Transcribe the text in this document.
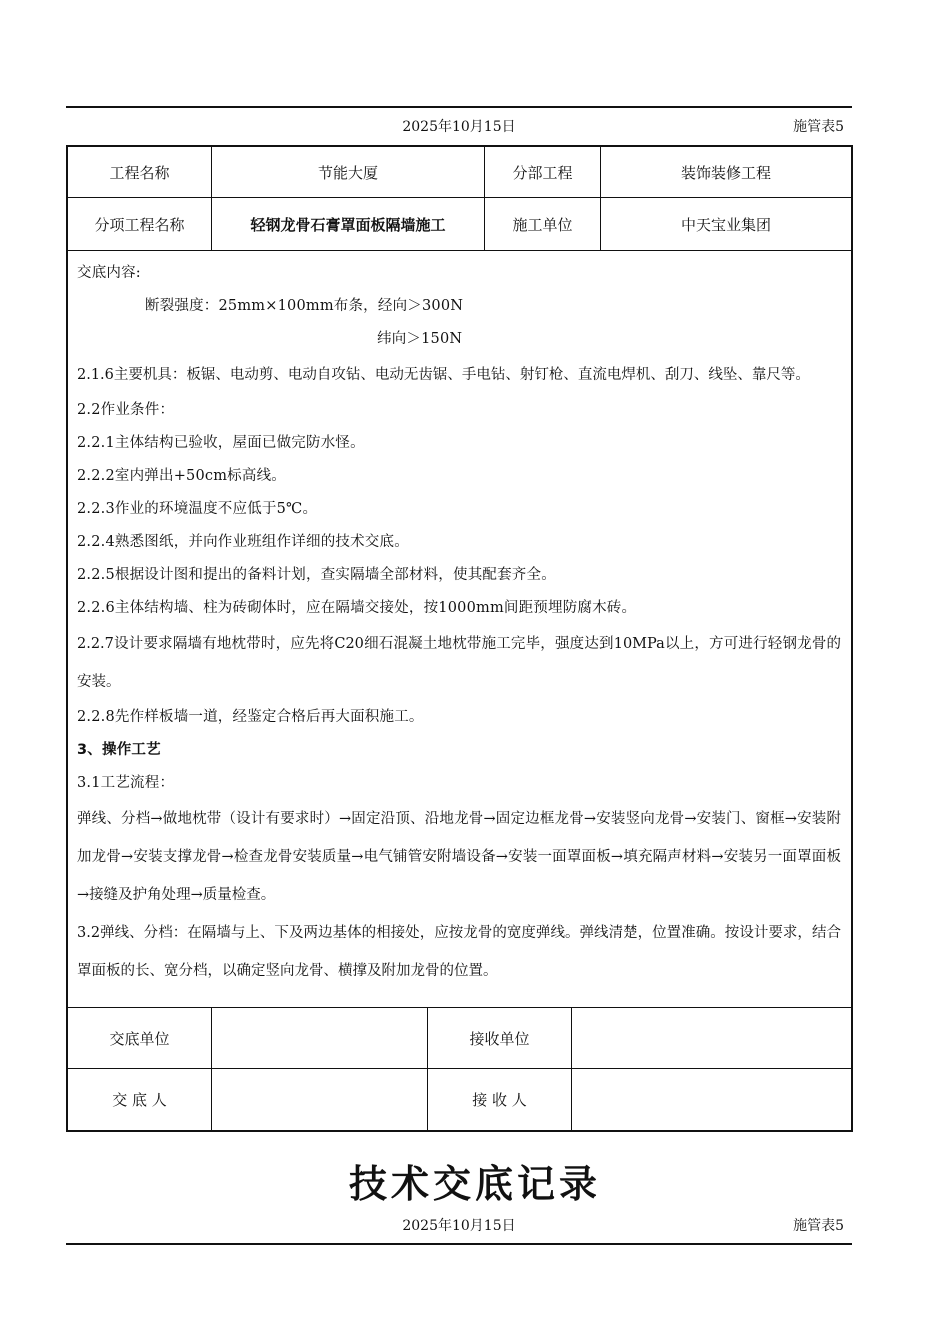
2025年10月15日	施管表5
工程名称	节能大厦	分部工程	装饰装修工程
分项工程名称	轻钢龙骨石膏罩面板隔墙施工	施工单位	中天宝业集团
交底内容:
断裂强度：25mm×100mm布条，经向＞300N
纬向＞150N
2.1.6主要机具：板锯、电动剪、电动自攻钻、电动无齿锯、手电钻、射钉枪、直流电焊机、刮刀、线坠、靠尺等。
2.2作业条件：
2.2.1主体结构已验收，屋面已做完防水怪。
2.2.2室内弹出+50cm标高线。
2.2.3作业的环境温度不应低于5℃。
2.2.4熟悉图纸，并向作业班组作详细的技术交底。
2.2.5根据设计图和提出的备料计划，查实隔墙全部材料，使其配套齐全。
2.2.6主体结构墙、柱为砖砌体时，应在隔墙交接处，按1000mm间距预埋防腐木砖。
2.2.7设计要求隔墙有地枕带时，应先将C20细石混凝土地枕带施工完毕，强度达到10MPa以上，方可进行轻钢龙骨的安装。
2.2.8先作样板墙一道，经鉴定合格后再大面积施工。
3、操作工艺
3.1工艺流程：
弹线、分档→做地枕带（设计有要求时）→固定沿顶、沿地龙骨→固定边框龙骨→安装竖向龙骨→安装门、窗框→安装附加龙骨→安装支撑龙骨→检查龙骨安装质量→电气铺管安附墙设备→安装一面罩面板→填充隔声材料→安装另一面罩面板→接缝及护角处理→质量检查。
3.2弹线、分档：在隔墙与上、下及两边基体的相接处，应按龙骨的宽度弹线。弹线清楚，位置准确。按设计要求，结合罩面板的长、宽分档，以确定竖向龙骨、横撑及附加龙骨的位置。
交底单位	接收单位
交 底 人	接 收 人
技术交底记录
2025年10月15日	施管表5
